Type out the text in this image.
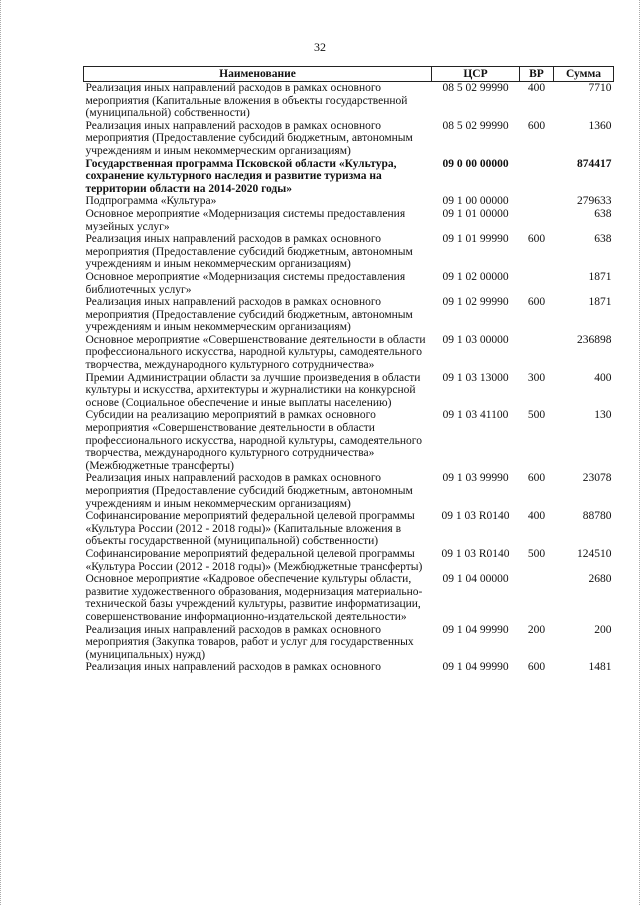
32
Наименование	ЦСР	ВР	Сумма
Реализация иных направлений расходов в рамках основного мероприятия (Капитальные вложения в объекты государственной (муниципальной) собственности)	08 5 02 99990	400	7710
Реализация иных направлений расходов в рамках основного мероприятия (Предоставление субсидий бюджетным, автономным учреждениям и иным некоммерческим организациям)	08 5 02 99990	600	1360
Государственная программа Псковской области «Культура, сохранение культурного наследия и развитие туризма на территории области на 2014-2020 годы»	09 0 00 00000		874417
Подпрограмма «Культура»	09 1 00 00000		279633
Основное мероприятие «Модернизация системы предоставления музейных услуг»	09 1 01 00000		638
Реализация иных направлений расходов в рамках основного мероприятия (Предоставление субсидий бюджетным, автономным учреждениям и иным некоммерческим организациям)	09 1 01 99990	600	638
Основное мероприятие «Модернизация системы предоставления библиотечных услуг»	09 1 02 00000		1871
Реализация иных направлений расходов в рамках основного мероприятия (Предоставление субсидий бюджетным, автономным учреждениям и иным некоммерческим организациям)	09 1 02 99990	600	1871
Основное мероприятие «Совершенствование деятельности в области профессионального искусства, народной культуры, самодеятельного творчества, международного культурного сотрудничества»	09 1 03 00000		236898
Премии Администрации области за лучшие произведения в области культуры и искусства, архитектуры и журналистики на конкурсной основе (Социальное обеспечение и иные выплаты населению)	09 1 03 13000	300	400
Субсидии на реализацию мероприятий в рамках основного мероприятия «Совершенствование деятельности в области профессионального искусства, народной культуры, самодеятельного творчества, международного культурного сотрудничества» (Межбюджетные трансферты)	09 1 03 41100	500	130
Реализация иных направлений расходов в рамках основного мероприятия (Предоставление субсидий бюджетным, автономным учреждениям и иным некоммерческим организациям)	09 1 03 99990	600	23078
Софинансирование мероприятий федеральной целевой программы «Культура России (2012 - 2018 годы)» (Капитальные вложения в объекты государственной (муниципальной) собственности)	09 1 03 R0140	400	88780
Софинансирование мероприятий федеральной целевой программы «Культура России (2012 - 2018 годы)» (Межбюджетные трансферты)	09 1 03 R0140	500	124510
Основное мероприятие «Кадровое обеспечение культуры области, развитие художественного образования, модернизация материально-технической базы учреждений культуры, развитие информатизации, совершенствование информационно-издательской деятельности»	09 1 04 00000		2680
Реализация иных направлений расходов в рамках основного мероприятия (Закупка товаров, работ и услуг для государственных (муниципальных) нужд)	09 1 04 99990	200	200
Реализация иных направлений расходов в рамках основного	09 1 04 99990	600	1481
